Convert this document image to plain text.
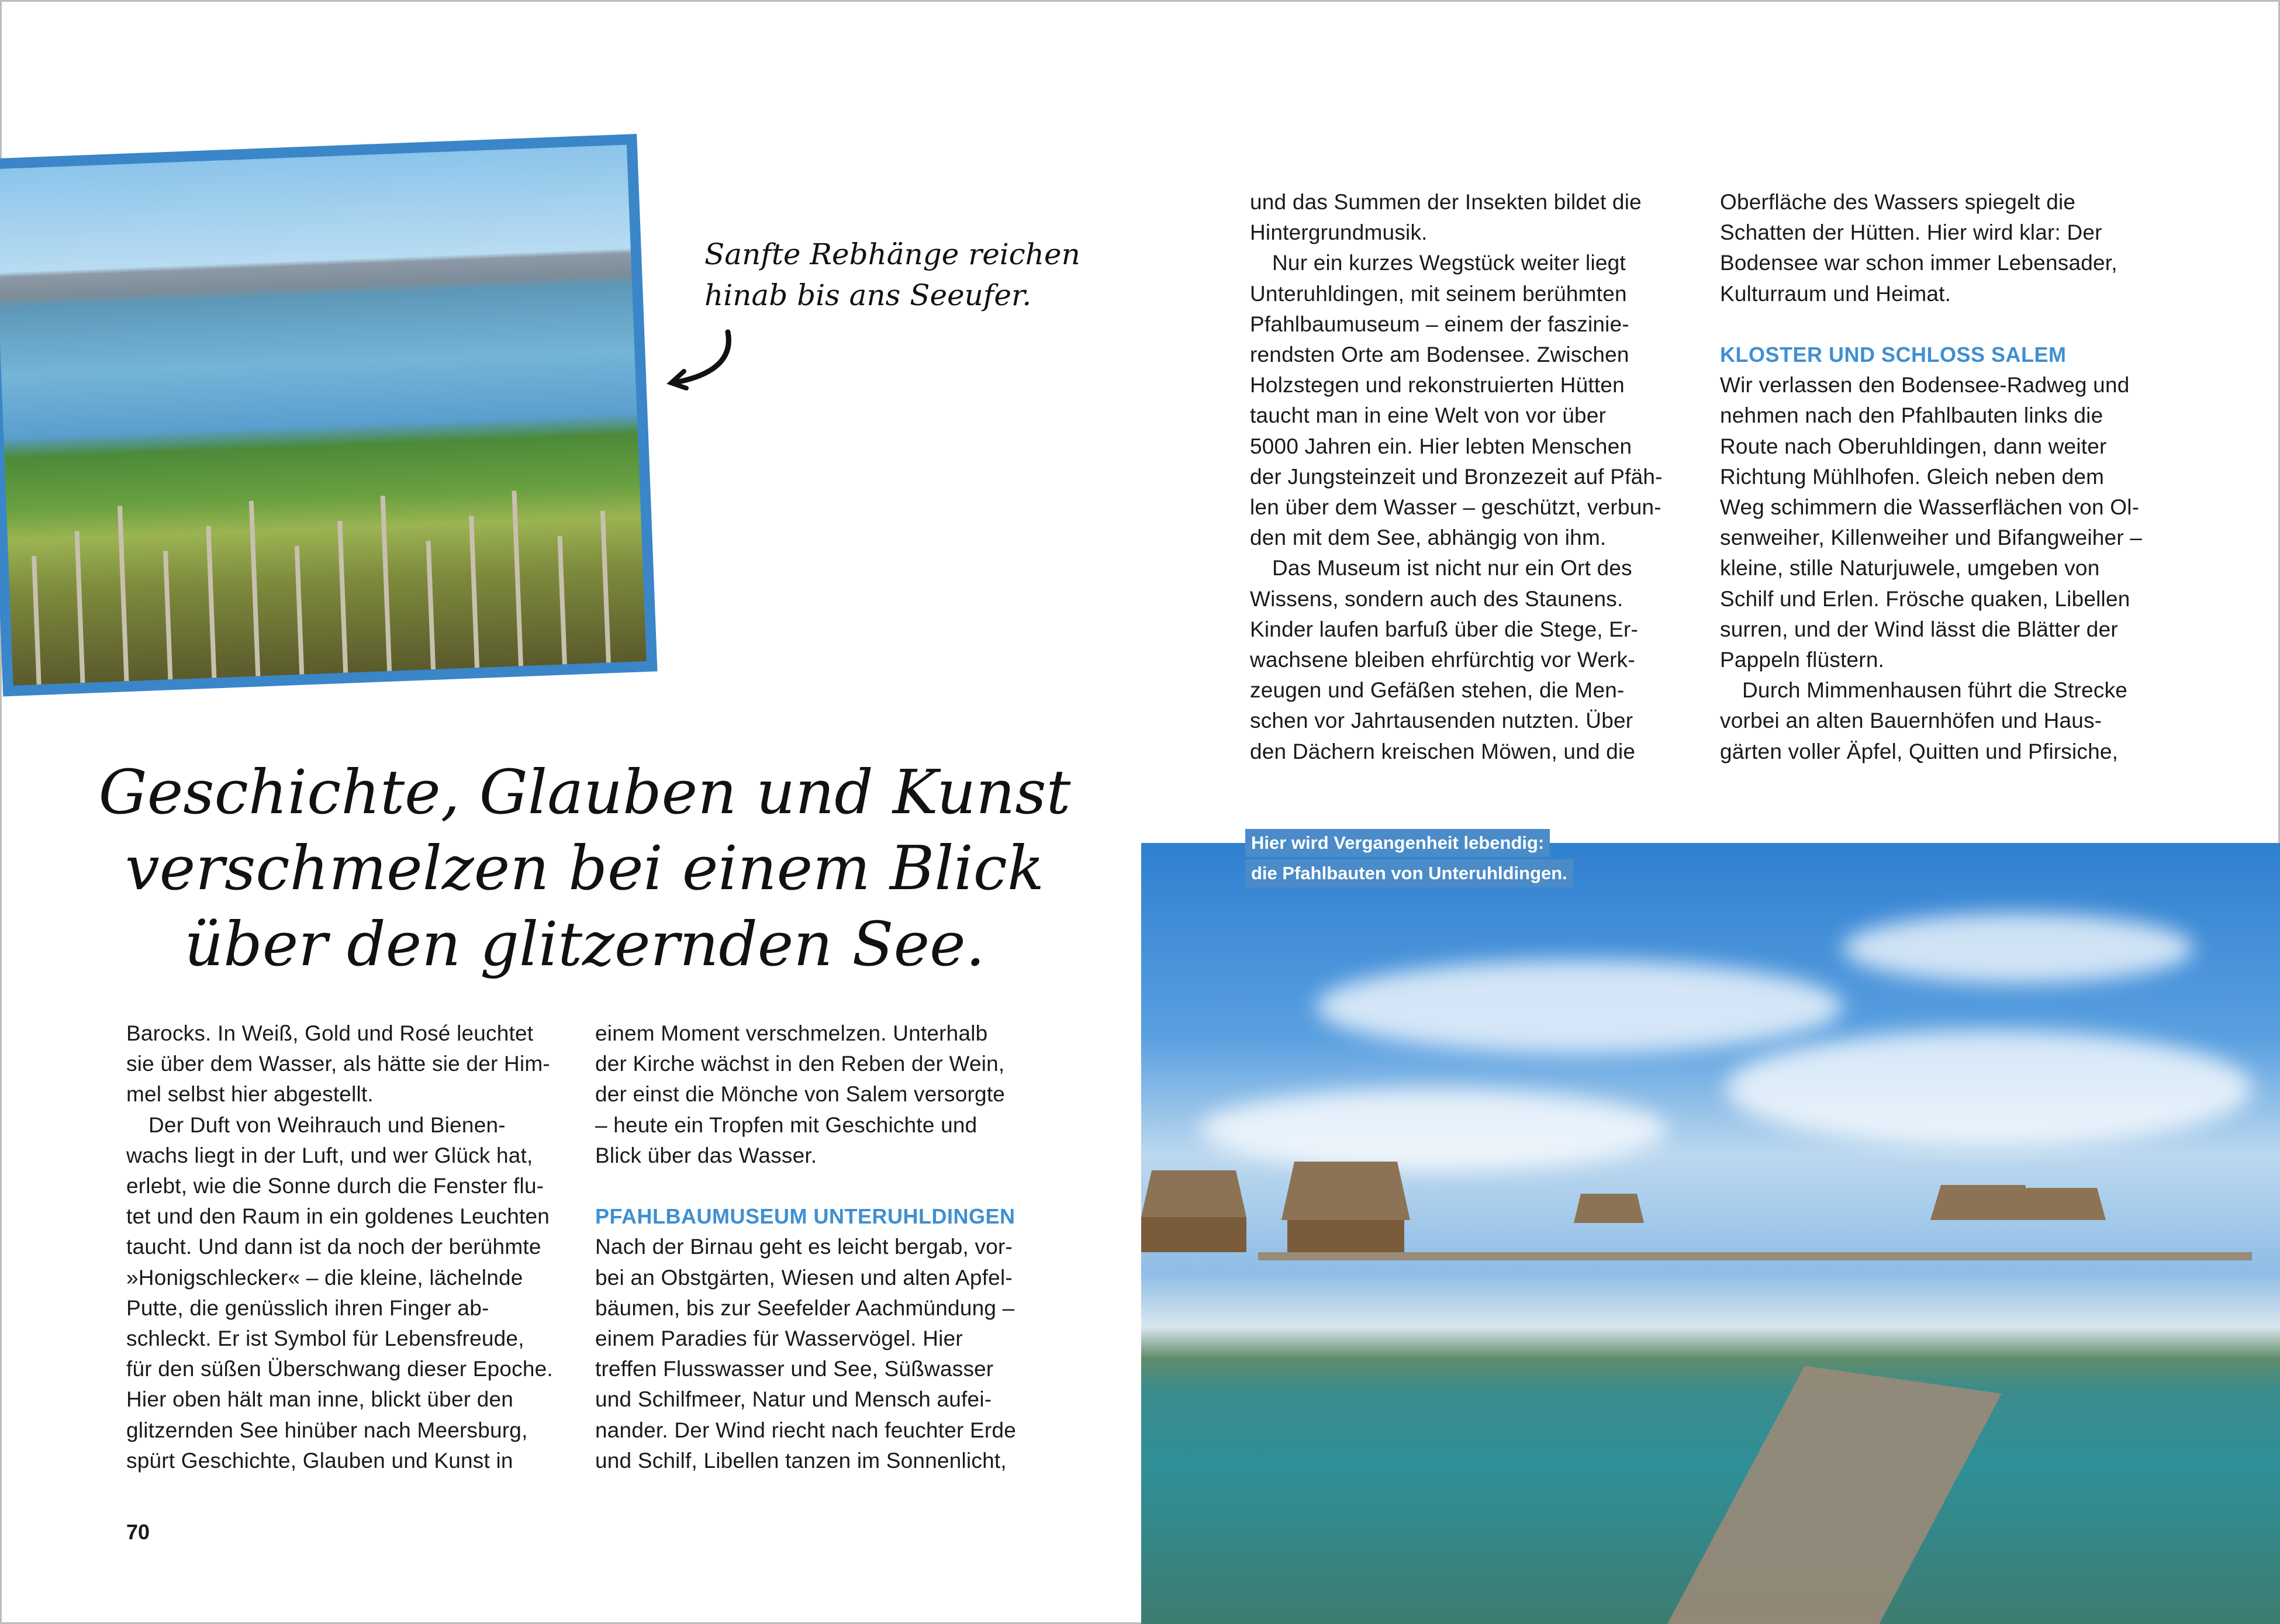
Sanfte Rebhänge reichen
hinab bis ans Seeufer.
Geschichte, Glauben und Kunst
verschmelzen bei einem Blick
über den glitzernden See.
Barocks. In Weiß, Gold und Rosé leuchtet
sie über dem Wasser, als hätte sie der Him-
mel selbst hier abgestellt.
Der Duft von Weihrauch und Bienen-
wachs liegt in der Luft, und wer Glück hat,
erlebt, wie die Sonne durch die Fenster flu-
tet und den Raum in ein goldenes Leuchten
taucht. Und dann ist da noch der berühmte
»Honigschlecker« – die kleine, lächelnde
Putte, die genüsslich ihren Finger ab-
schleckt. Er ist Symbol für Lebensfreude,
für den süßen Überschwang dieser Epoche.
Hier oben hält man inne, blickt über den
glitzernden See hinüber nach Meersburg,
spürt Geschichte, Glauben und Kunst in
einem Moment verschmelzen. Unterhalb
der Kirche wächst in den Reben der Wein,
der einst die Mönche von Salem versorgte
– heute ein Tropfen mit Geschichte und
Blick über das Wasser.
PFAHLBAUMUSEUM UNTERUHLDINGEN
Nach der Birnau geht es leicht bergab, vor-
bei an Obstgärten, Wiesen und alten Apfel-
bäumen, bis zur Seefelder Aachmündung –
einem Paradies für Wasservögel. Hier
treffen Flusswasser und See, Süßwasser
und Schilfmeer, Natur und Mensch aufei-
nander. Der Wind riecht nach feuchter Erde
und Schilf, Libellen tanzen im Sonnenlicht,
und das Summen der Insekten bildet die
Hintergrundmusik.
Nur ein kurzes Wegstück weiter liegt
Unteruhldingen, mit seinem berühmten
Pfahlbaumuseum – einem der faszinie-
rendsten Orte am Bodensee. Zwischen
Holzstegen und rekonstruierten Hütten
taucht man in eine Welt von vor über
5000 Jahren ein. Hier lebten Menschen
der Jungsteinzeit und Bronzezeit auf Pfäh-
len über dem Wasser – geschützt, verbun-
den mit dem See, abhängig von ihm.
Das Museum ist nicht nur ein Ort des
Wissens, sondern auch des Staunens.
Kinder laufen barfuß über die Stege, Er-
wachsene bleiben ehrfürchtig vor Werk-
zeugen und Gefäßen stehen, die Men-
schen vor Jahrtausenden nutzten. Über
den Dächern kreischen Möwen, und die
Oberfläche des Wassers spiegelt die
Schatten der Hütten. Hier wird klar: Der
Bodensee war schon immer Lebensader,
Kulturraum und Heimat.
KLOSTER UND SCHLOSS SALEM
Wir verlassen den Bodensee-Radweg und
nehmen nach den Pfahlbauten links die
Route nach Oberuhldingen, dann weiter
Richtung Mühlhofen. Gleich neben dem
Weg schimmern die Wasserflächen von Ol-
senweiher, Killenweiher und Bifangweiher –
kleine, stille Naturjuwele, umgeben von
Schilf und Erlen. Frösche quaken, Libellen
surren, und der Wind lässt die Blätter der
Pappeln flüstern.
Durch Mimmenhausen führt die Strecke
vorbei an alten Bauernhöfen und Haus-
gärten voller Äpfel, Quitten und Pfirsiche,
70
Hier wird Vergangenheit lebendig:
die Pfahlbauten von Unteruhldingen.
